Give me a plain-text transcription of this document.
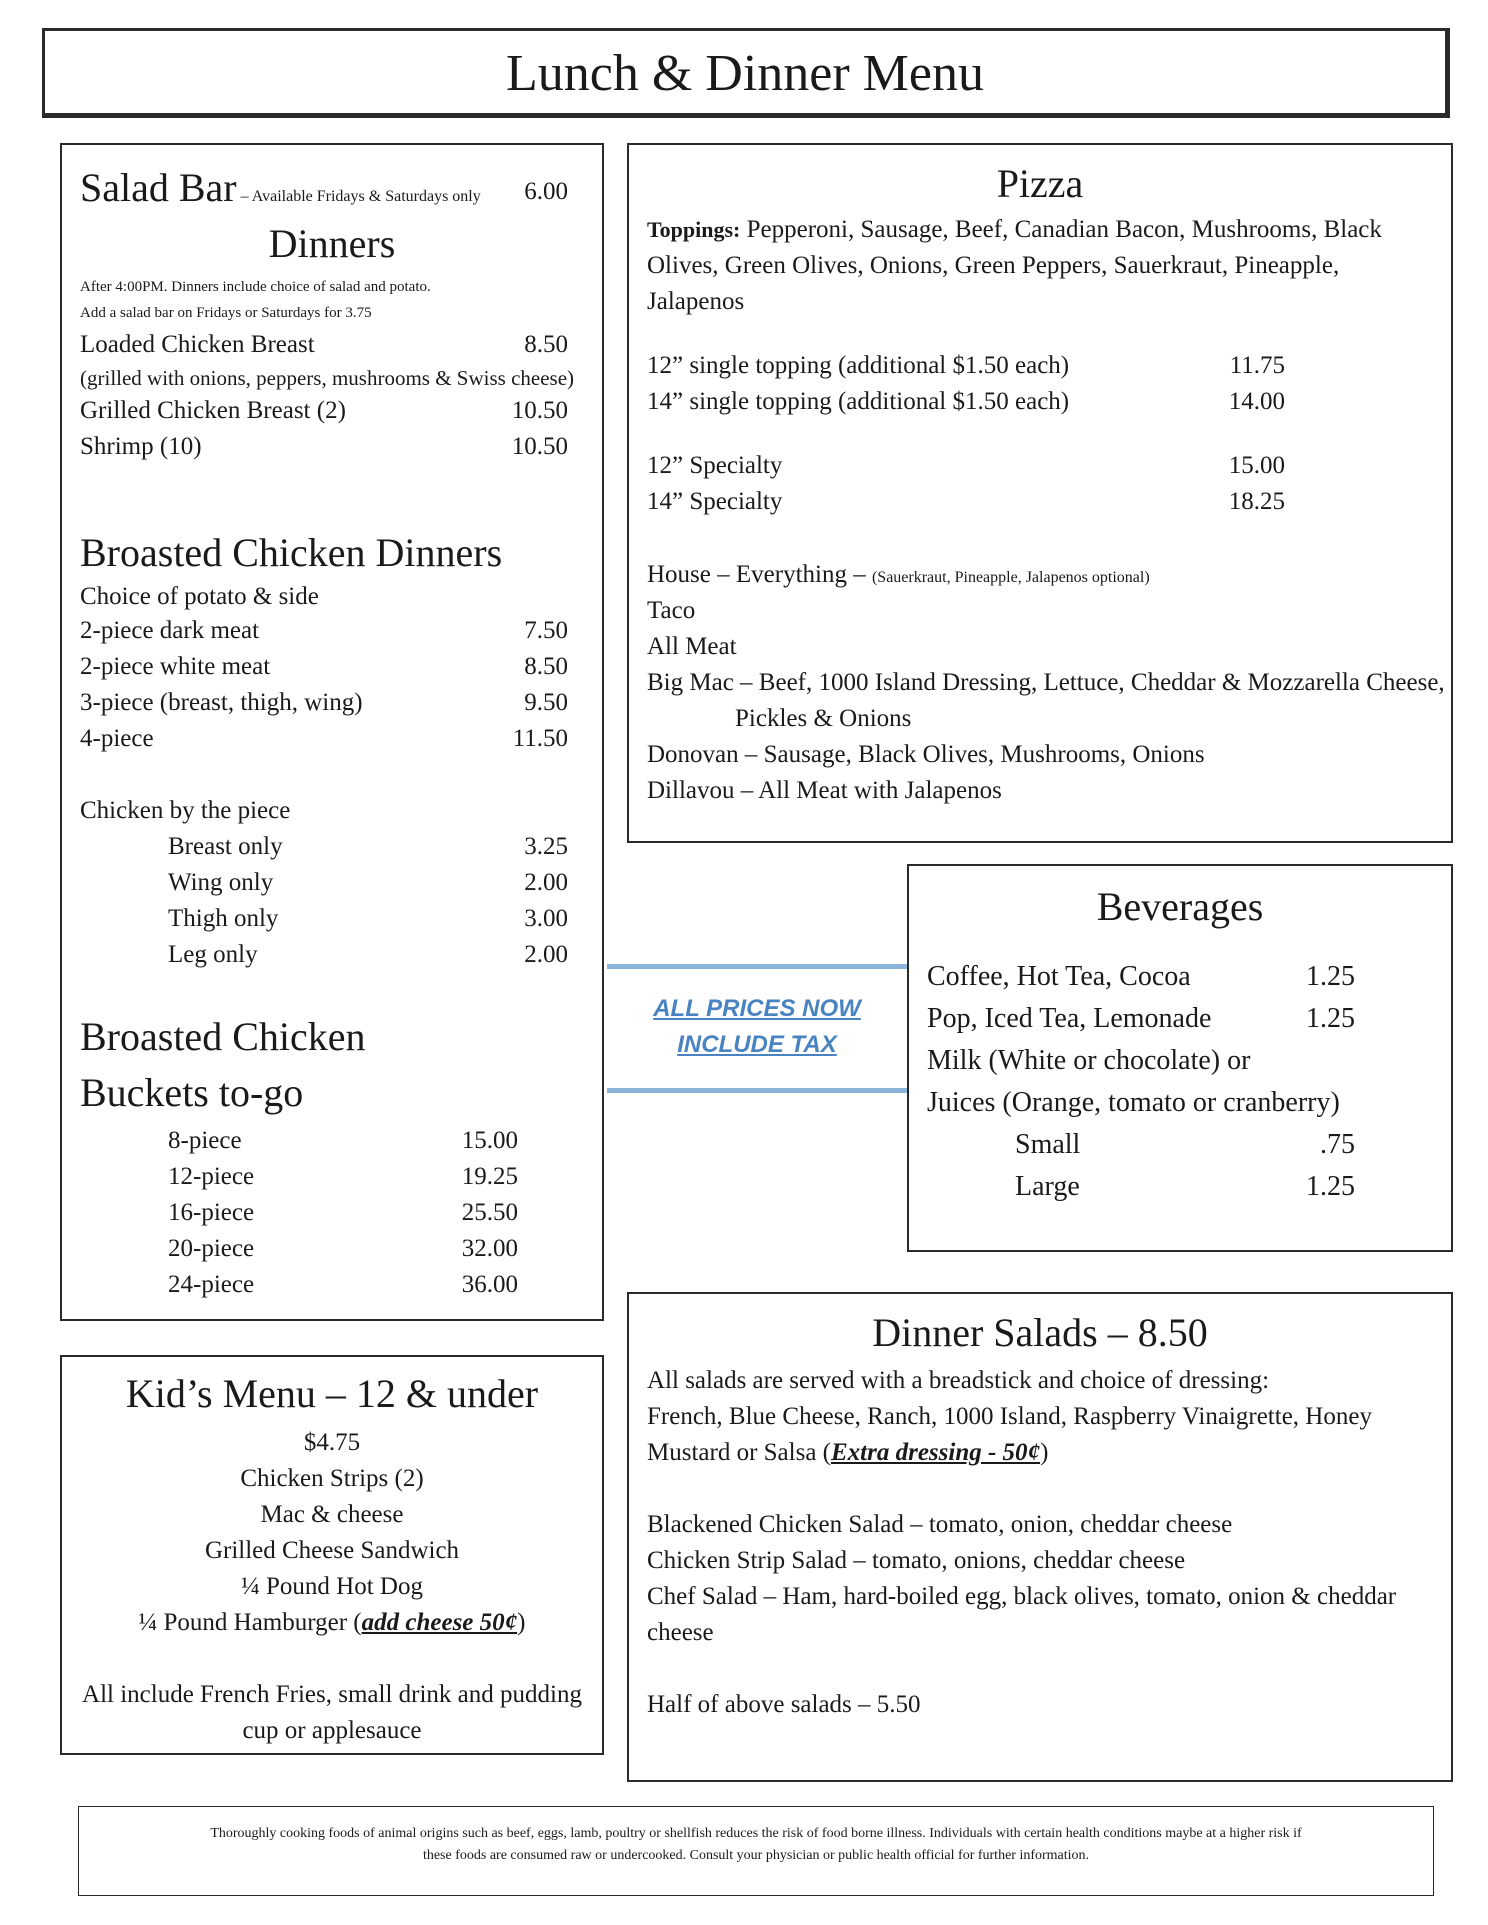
Lunch & Dinner Menu
Salad Bar – Available Fridays & Saturdays only 6.00
Dinners
After 4:00PM. Dinners include choice of salad and potato.
Add a salad bar on Fridays or Saturdays for 3.75
Loaded Chicken Breast	8.50
(grilled with onions, peppers, mushrooms & Swiss cheese)
Grilled Chicken Breast (2)	10.50
Shrimp (10)	10.50
Broasted Chicken Dinners
Choice of potato & side
2-piece dark meat	7.50
2-piece white meat	8.50
3-piece (breast, thigh, wing)	9.50
4-piece	11.50
Chicken by the piece
Breast only	3.25
Wing only	2.00
Thigh only	3.00
Leg only	2.00
Broasted Chicken
Buckets to-go
8-piece	15.00
12-piece	19.25
16-piece	25.50
20-piece	32.00
24-piece	36.00
Kid’s Menu – 12 & under
$4.75
Chicken Strips (2)
Mac & cheese
Grilled Cheese Sandwich
¼ Pound Hot Dog
¼ Pound Hamburger (add cheese 50¢)
All include French Fries, small drink and pudding
cup or applesauce
Pizza
Toppings: Pepperoni, Sausage, Beef, Canadian Bacon, Mushrooms, Black
Olives, Green Olives, Onions, Green Peppers, Sauerkraut, Pineapple,
Jalapenos
12” single topping (additional $1.50 each)	11.75
14” single topping (additional $1.50 each)	14.00
12” Specialty	15.00
14” Specialty	18.25
House – Everything – (Sauerkraut, Pineapple, Jalapenos optional)
Taco
All Meat
Big Mac – Beef, 1000 Island Dressing, Lettuce, Cheddar & Mozzarella Cheese,
Pickles & Onions
Donovan – Sausage, Black Olives, Mushrooms, Onions
Dillavou – All Meat with Jalapenos
ALL PRICES NOW
INCLUDE TAX
Beverages
Coffee, Hot Tea, Cocoa	1.25
Pop, Iced Tea, Lemonade	1.25
Milk (White or chocolate) or
Juices (Orange, tomato or cranberry)
Small	.75
Large	1.25
Dinner Salads – 8.50
All salads are served with a breadstick and choice of dressing:
French, Blue Cheese, Ranch, 1000 Island, Raspberry Vinaigrette, Honey
Mustard or Salsa (Extra dressing - 50¢)
Blackened Chicken Salad – tomato, onion, cheddar cheese
Chicken Strip Salad – tomato, onions, cheddar cheese
Chef Salad – Ham, hard-boiled egg, black olives, tomato, onion & cheddar
cheese
Half of above salads – 5.50
Thoroughly cooking foods of animal origins such as beef, eggs, lamb, poultry or shellfish reduces the risk of food borne illness. Individuals with certain health conditions maybe at a higher risk if
these foods are consumed raw or undercooked. Consult your physician or public health official for further information.
